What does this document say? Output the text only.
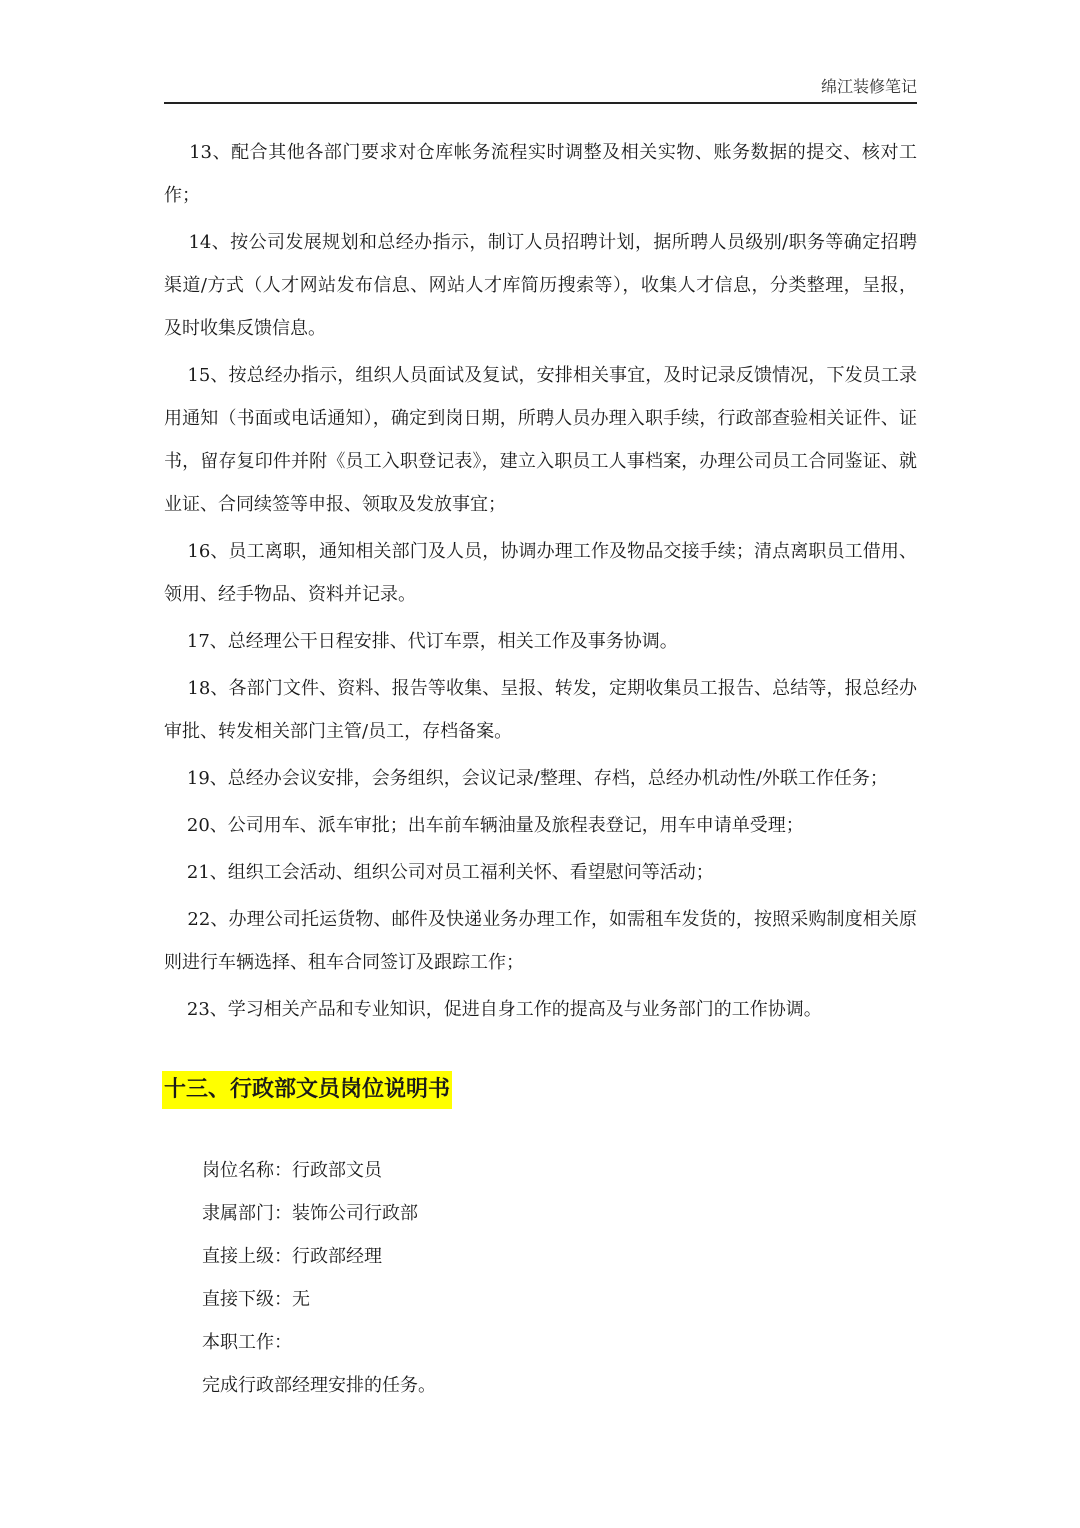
绵江装修笔记

13、配合其他各部门要求对仓库帐务流程实时调整及相关实物、账务数据的提交、核对工作；

14、按公司发展规划和总经办指示，制订人员招聘计划，据所聘人员级别/职务等确定招聘渠道/方式（人才网站发布信息、网站人才库简历搜索等），收集人才信息，分类整理，呈报，及时收集反馈信息。

15、按总经办指示，组织人员面试及复试，安排相关事宜，及时记录反馈情况，下发员工录用通知（书面或电话通知），确定到岗日期，所聘人员办理入职手续，行政部查验相关证件、证书，留存复印件并附《员工入职登记表》，建立入职员工人事档案，办理公司员工合同鉴证、就业证、合同续签等申报、领取及发放事宜；

16、员工离职，通知相关部门及人员，协调办理工作及物品交接手续；清点离职员工借用、领用、经手物品、资料并记录。

17、总经理公干日程安排、代订车票，相关工作及事务协调。

18、各部门文件、资料、报告等收集、呈报、转发，定期收集员工报告、总结等，报总经办审批、转发相关部门主管/员工，存档备案。

19、总经办会议安排，会务组织，会议记录/整理、存档，总经办机动性/外联工作任务；

20、公司用车、派车审批；出车前车辆油量及旅程表登记，用车申请单受理；

21、组织工会活动、组织公司对员工福利关怀、看望慰问等活动；

22、办理公司托运货物、邮件及快递业务办理工作，如需租车发货的，按照采购制度相关原则进行车辆选择、租车合同签订及跟踪工作；

23、学习相关产品和专业知识，促进自身工作的提高及与业务部门的工作协调。

十三、行政部文员岗位说明书
岗位名称：行政部文员
隶属部门：装饰公司行政部
直接上级：行政部经理
直接下级：无
本职工作：
完成行政部经理安排的任务。
